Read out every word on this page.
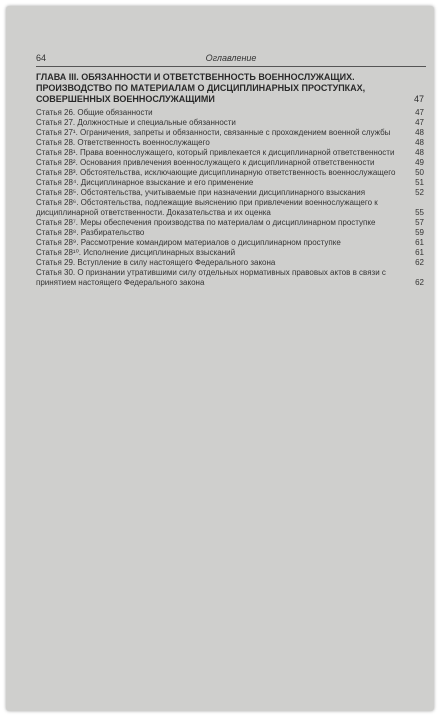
64	Оглавление
ГЛАВА III. ОБЯЗАННОСТИ И ОТВЕТСТВЕННОСТЬ ВОЕННОСЛУЖАЩИХ. ПРОИЗВОДСТВО ПО МАТЕРИАЛАМ О ДИСЦИПЛИНАРНЫХ ПРОСТУПКАХ, СОВЕРШЕННЫХ ВОЕННОСЛУЖАЩИМИ	47
Статья 26. Общие обязанности	47
Статья 27. Должностные и специальные обязанности	47
Статья 27¹. Ограничения, запреты и обязанности, связанные с прохождением военной службы	48
Статья 28. Ответственность военнослужащего	48
Статья 28¹. Права военнослужащего, который привлекается к дисциплинарной ответственности	48
Статья 28². Основания привлечения военнослужащего к дисциплинарной ответственности	49
Статья 28³. Обстоятельства, исключающие дисциплинарную ответственность военнослужащего	50
Статья 28⁴. Дисциплинарное взыскание и его применение	51
Статья 28⁵. Обстоятельства, учитываемые при назначении дисциплинарного взыскания	52
Статья 28⁶. Обстоятельства, подлежащие выяснению при привлечении военнослужащего к дисциплинарной ответственности. Доказательства и их оценка	55
Статья 28⁷. Меры обеспечения производства по материалам о дисциплинарном проступке	57
Статья 28⁸. Разбирательство	59
Статья 28⁹. Рассмотрение командиром материалов о дисциплинарном проступке	61
Статья 28¹⁰. Исполнение дисциплинарных взысканий	61
Статья 29. Вступление в силу настоящего Федерального закона	62
Статья 30. О признании утратившими силу отдельных нормативных правовых актов в связи с принятием настоящего Федерального закона	62
